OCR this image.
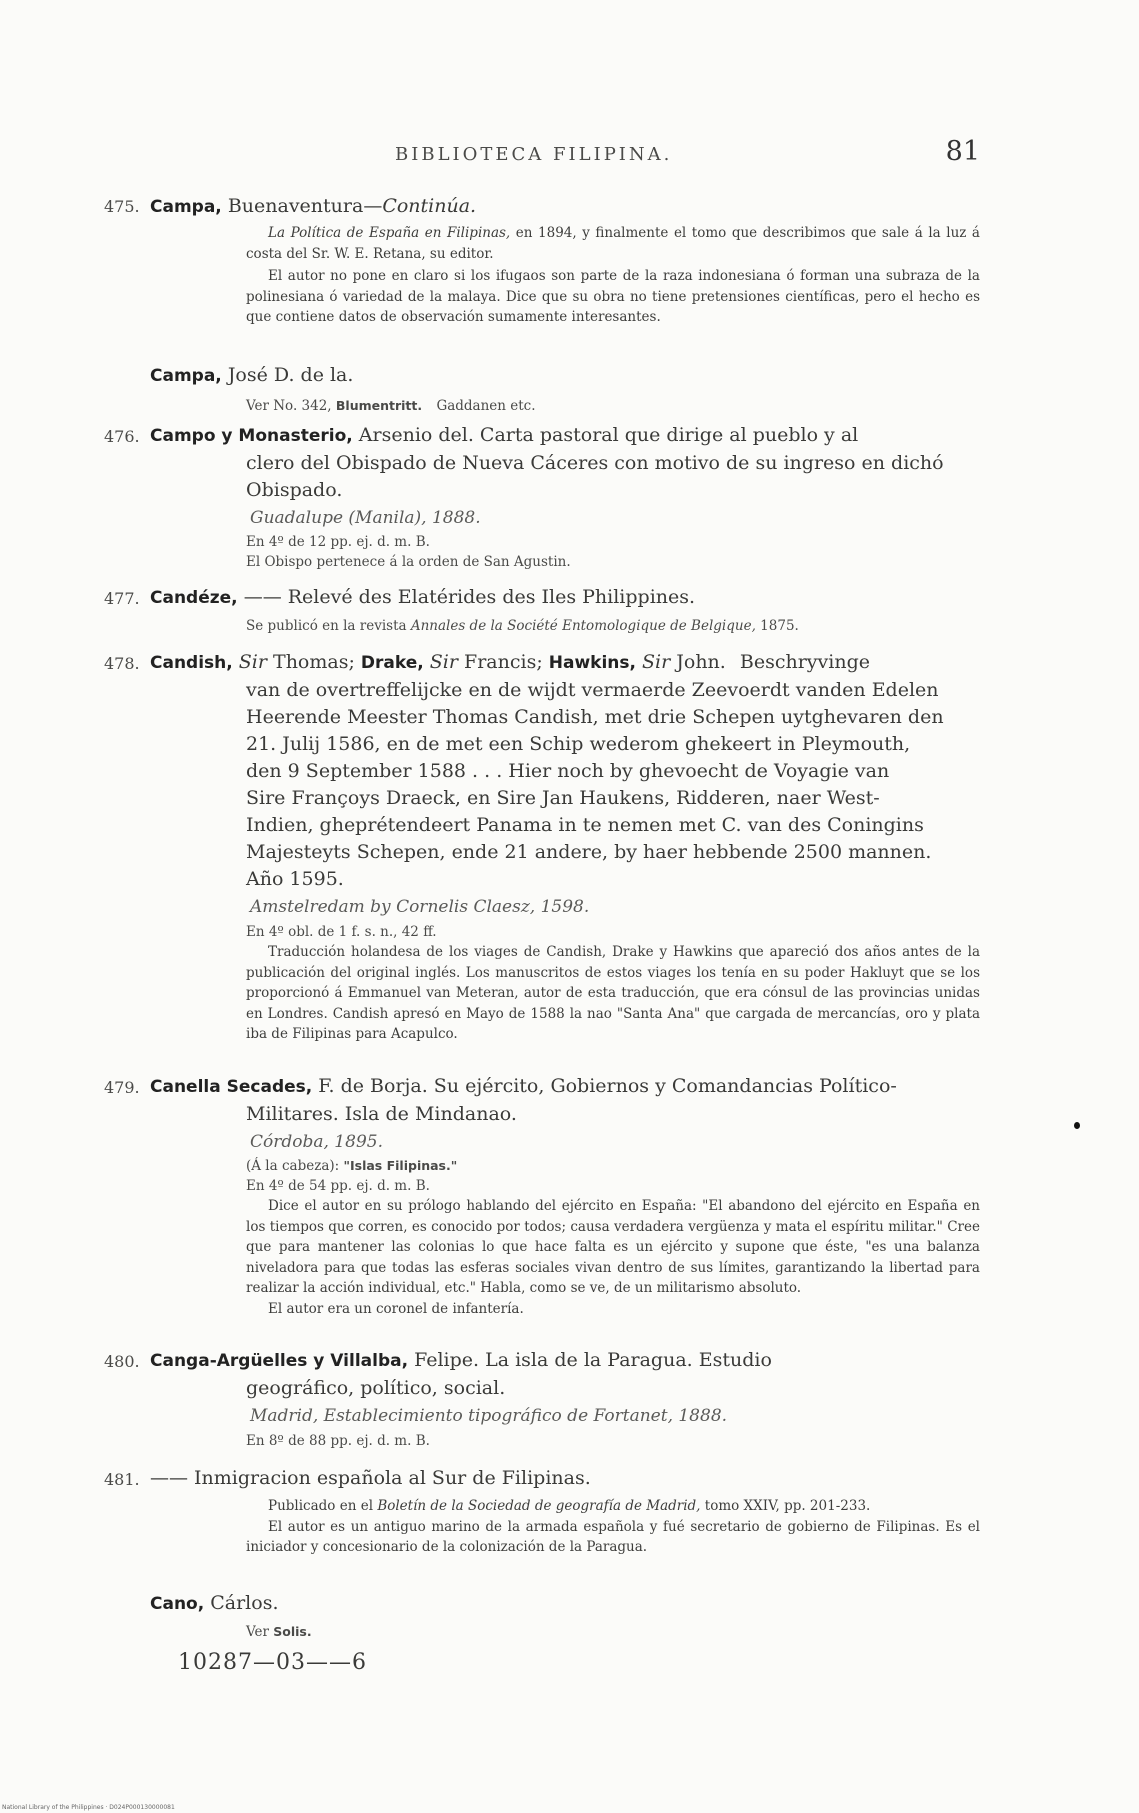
BIBLIOTECA FILIPINA.	81
475. Campa, Buenaventura—Continúa.
La Política de España en Filipinas, en 1894, y finalmente el tomo que describimos que sale á la luz á costa del Sr. W. E. Retana, su editor.
El autor no pone en claro si los ifugaos son parte de la raza indonesiana ó forman una subraza de la polinesiana ó variedad de la malaya. Dice que su obra no tiene pretensiones científicas, pero el hecho es que contiene datos de observación sumamente interesantes.
Campa, José D. de la.
Ver No. 342, Blumentritt. Gaddanen etc.
476. Campo y Monasterio, Arsenio del. Carta pastoral que dirige al pueblo y al
clero del Obispado de Nueva Cáceres con motivo de su ingreso en dichó
Obispado.
Guadalupe (Manila), 1888.
En 4º de 12 pp. ej. d. m. B.
El Obispo pertenece á la orden de San Agustin.
477. Candéze, —— Relevé des Elatérides des Iles Philippines.
Se publicó en la revista Annales de la Société Entomologique de Belgique, 1875.
478. Candish, Sir Thomas; Drake, Sir Francis; Hawkins, Sir John. Beschryvinge
van de overtreffelijcke en de wijdt vermaerde Zeevoerdt vanden Edelen
Heerende Meester Thomas Candish, met drie Schepen uytghevaren den
21. Julij 1586, en de met een Schip wederom ghekeert in Pleymouth,
den 9 September 1588 . . . Hier noch by ghevoecht de Voyagie van
Sire Françoys Draeck, en Sire Jan Haukens, Ridderen, naer West-
Indien, gheprétendeert Panama in te nemen met C. van des Coningins
Majesteyts Schepen, ende 21 andere, by haer hebbende 2500 mannen.
Año 1595.
Amstelredam by Cornelis Claesz, 1598.
En 4º obl. de 1 f. s. n., 42 ff.
Traducción holandesa de los viages de Candish, Drake y Hawkins que apareció dos años antes de la publicación del original inglés. Los manuscritos de estos viages los tenía en su poder Hakluyt que se los proporcionó á Emmanuel van Meteran, autor de esta traducción, que era cónsul de las provincias unidas en Londres. Candish apresó en Mayo de 1588 la nao "Santa Ana" que cargada de mercancías, oro y plata iba de Filipinas para Acapulco.
479. Canella Secades, F. de Borja. Su ejército, Gobiernos y Comandancias Político-
Militares. Isla de Mindanao.
Córdoba, 1895.
(Á la cabeza): "Islas Filipinas."
En 4º de 54 pp. ej. d. m. B.
Dice el autor en su prólogo hablando del ejército en España: "El abandono del ejército en España en los tiempos que corren, es conocido por todos; causa verdadera vergüenza y mata el espíritu militar." Cree que para mantener las colonias lo que hace falta es un ejército y supone que éste, "es una balanza niveladora para que todas las esferas sociales vivan dentro de sus límites, garantizando la libertad para realizar la acción individual, etc." Habla, como se ve, de un militarismo absoluto.
El autor era un coronel de infantería.
480. Canga-Argüelles y Villalba, Felipe. La isla de la Paragua. Estudio
geográfico, político, social.
Madrid, Establecimiento tipográfico de Fortanet, 1888.
En 8º de 88 pp. ej. d. m. B.
481. —— Inmigracion española al Sur de Filipinas.
Publicado en el Boletín de la Sociedad de geografía de Madrid, tomo XXIV, pp. 201-233.
El autor es un antiguo marino de la armada española y fué secretario de gobierno de Filipinas. Es el iniciador y concesionario de la colonización de la Paragua.
Cano, Cárlos.
Ver Solis.
10287—03——6
National Library of the Philippines · D024P000130000081
